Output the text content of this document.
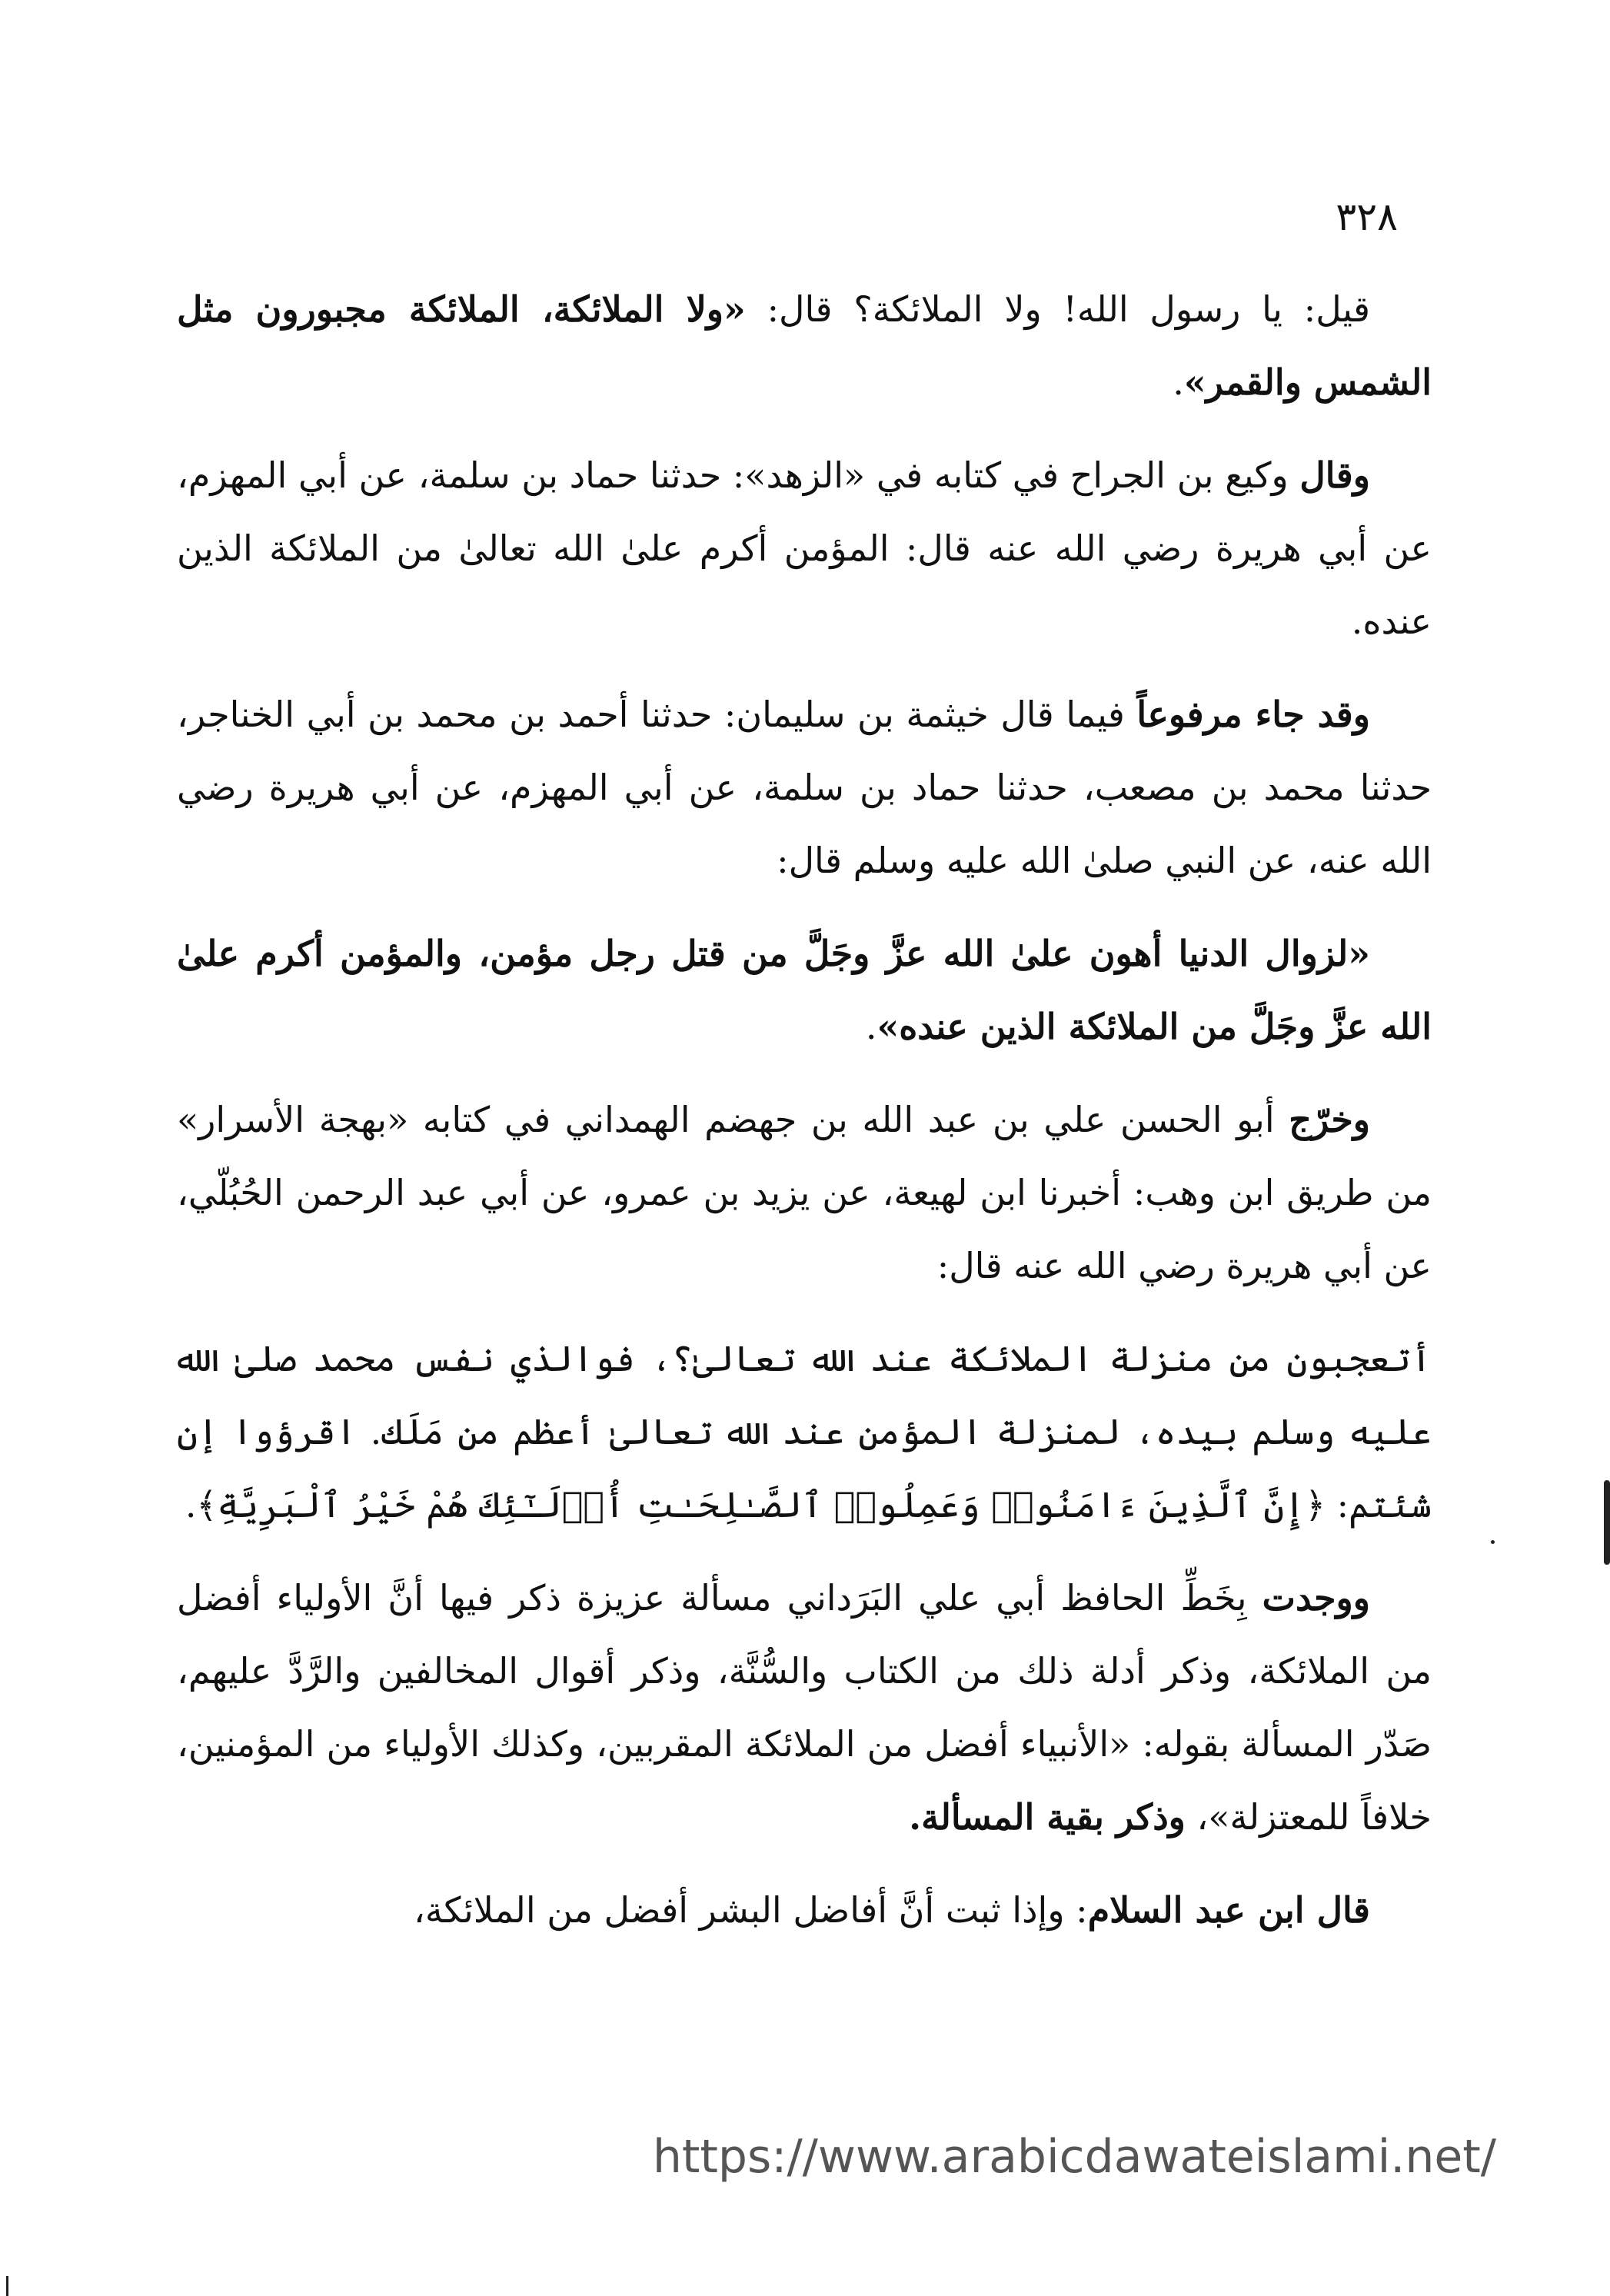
٣٢٨

قيل: يا رسول الله! ولا الملائكة؟ قال: «ولا الملائكة، الملائكة مجبورون مثل الشمس والقمر».

وقال وكيع بن الجراح في كتابه في «الزهد»: حدثنا حماد بن سلمة، عن أبي المهزم، عن أبي هريرة رضي الله عنه قال: المؤمن أكرم علىٰ الله تعالىٰ من الملائكة الذين عنده.

وقد جاء مرفوعاً فيما قال خيثمة بن سليمان: حدثنا أحمد بن محمد بن أبي الخناجر، حدثنا محمد بن مصعب، حدثنا حماد بن سلمة، عن أبي المهزم، عن أبي هريرة رضي الله عنه، عن النبي صلىٰ الله عليه وسلم قال:

«لزوال الدنيا أهون علىٰ الله عزَّ وجَلَّ من قتل رجل مؤمن، والمؤمن أكرم علىٰ الله عزَّ وجَلَّ من الملائكة الذين عنده».

وخرّج أبو الحسن علي بن عبد الله بن جهضم الهمداني في كتابه «بهجة الأسرار» من طريق ابن وهب: أخبرنا ابن لهيعة، عن يزيد بن عمرو، عن أبي عبد الرحمن الحُبُلّي، عن أبي هريرة رضي الله عنه قال:

أتعجبون من منزلة الملائكة عند الله تعالىٰ؟، فوالذي نفس محمد صلىٰ الله عليه وسلم بيده، لمنزلة المؤمن عند الله تعالىٰ أعظم من مَلَك. اقرؤوا إن شئتم: ﴿إِنَّ ٱلَّذِينَ ءَامَنُوا۟ وَعَمِلُوا۟ ٱلصَّـٰلِحَـٰتِ أُو۟لَـٰٓئِكَ هُمْ خَيْرُ ٱلْبَرِيَّةِ﴾.

ووجدت بِخَطِّ الحافظ أبي علي البَرَداني مسألة عزيزة ذكر فيها أنَّ الأولياء أفضل من الملائكة، وذكر أدلة ذلك من الكتاب والسُّنَّة، وذكر أقوال المخالفين والرَّدَّ عليهم، صَدّر المسألة بقوله: «الأنبياء أفضل من الملائكة المقربين، وكذلك الأولياء من المؤمنين، خلافاً للمعتزلة»، وذكر بقية المسألة.

قال ابن عبد السلام: وإذا ثبت أنَّ أفاضل البشر أفضل من الملائكة،

https://www.arabicdawateislami.net/
